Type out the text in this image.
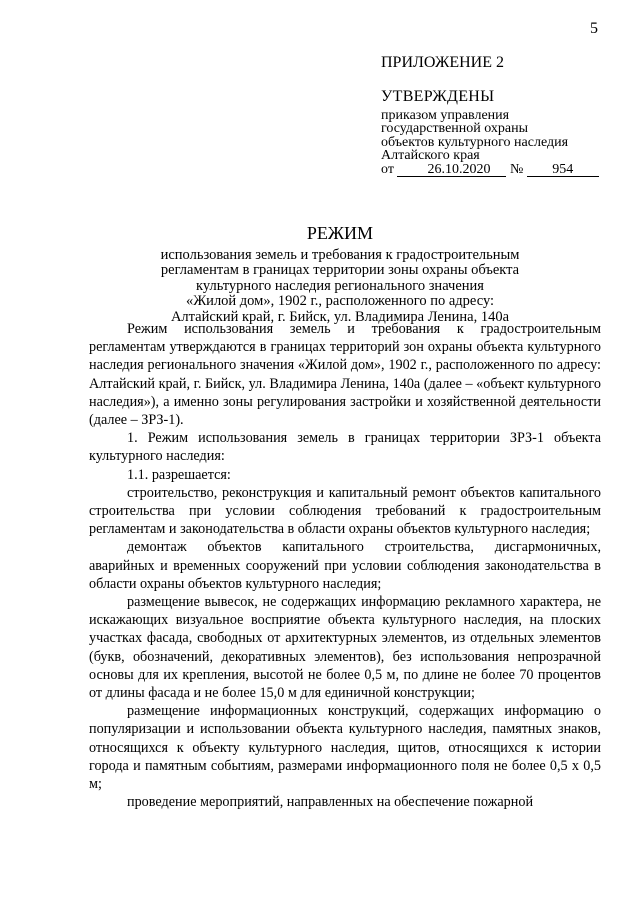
5
ПРИЛОЖЕНИЕ 2
УТВЕРЖДЕНЫ
приказом управления
государственной охраны
объектов культурного наследия
Алтайского края
от 26.10.2020 № 954
РЕЖИМ
использования земель и требования к градостроительным
регламентам в границах территории зоны охраны объекта
культурного наследия регионального значения
«Жилой дом», 1902 г., расположенного по адресу:
Алтайский край, г. Бийск, ул. Владимира Ленина, 140а

Режим использования земель и требования к градостроительным регламентам утверждаются в границах территорий зон охраны объекта культурного наследия регионального значения «Жилой дом», 1902 г., расположенного по адресу: Алтайский край, г. Бийск, ул. Владимира Ленина, 140а (далее – «объект культурного наследия»), а именно зоны регулирования застройки и хозяйственной деятельности (далее – ЗРЗ-1).

1. Режим использования земель в границах территории ЗРЗ-1 объекта культурного наследия:

1.1. разрешается:

строительство, реконструкция и капитальный ремонт объектов капитального строительства при условии соблюдения требований к градостроительным регламентам и законодательства в области охраны объектов культурного наследия;

демонтаж объектов капитального строительства, дисгармоничных, аварийных и временных сооружений при условии соблюдения законодательства в области охраны объектов культурного наследия;

размещение вывесок, не содержащих информацию рекламного характера, не искажающих визуальное восприятие объекта культурного наследия, на плоских участках фасада, свободных от архитектурных элементов, из отдельных элементов (букв, обозначений, декоративных элементов), без использования непрозрачной основы для их крепления, высотой не более 0,5 м, по длине не более 70 процентов от длины фасада и не более 15,0 м для единичной конструкции;

размещение информационных конструкций, содержащих информацию о популяризации и использовании объекта культурного наследия, памятных знаков, относящихся к объекту культурного наследия, щитов, относящихся к истории города и памятным событиям, размерами информационного поля не более 0,5 х 0,5 м;

проведение мероприятий, направленных на обеспечение пожарной
